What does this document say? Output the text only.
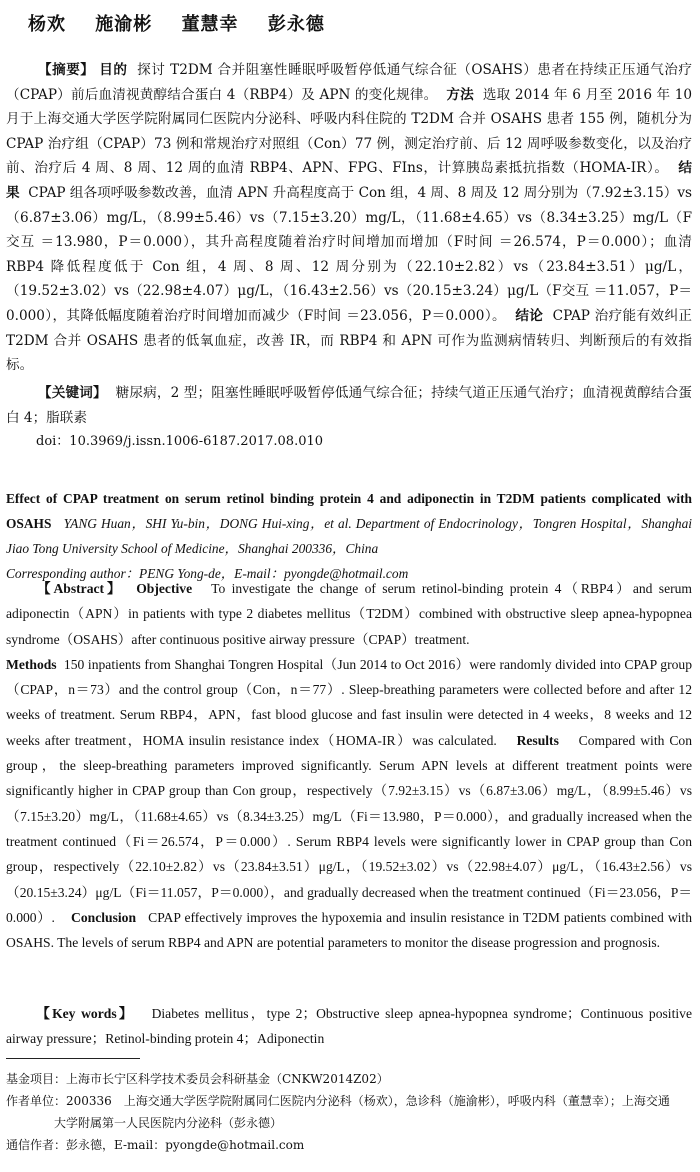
杨欢 施渝彬 董慧幸 彭永德
【摘要】 目的 探讨 T2DM 合并阻塞性睡眠呼吸暂停低通气综合征（OSAHS）患者在持续正压通气治疗（CPAP）前后血清视黄醇结合蛋白 4（RBP4）及 APN 的变化规律。 方法 选取 2014 年 6 月至 2016 年 10 月于上海交通大学医学院附属同仁医院内分泌科、呼吸内科住院的 T2DM 合并 OSAHS 患者 155 例，随机分为 CPAP 治疗组（CPAP）73 例和常规治疗对照组（Con）77 例，测定治疗前、后 12 周呼吸参数变化，以及治疗前、治疗后 4 周、8 周、12 周的血清 RBP4、APN、FPG、FIns，计算胰岛素抵抗指数（HOMA-IR）。 结果 CPAP 组各项呼吸参数改善，血清 APN 升高程度高于 Con 组，4 周、8 周及 12 周分别为（7.92±3.15）vs（6.87±3.06）mg/L，（8.99±5.46）vs（7.15±3.20）mg/L，（11.68±4.65）vs（8.34±3.25）mg/L（F交互 ＝13.980，P＝0.000），其升高程度随着治疗时间增加而增加（F时间 ＝26.574，P＝0.000）；血清 RBP4 降低程度低于 Con 组，4 周、8 周、12 周分别为（22.10±2.82）vs（23.84±3.51）μg/L，（19.52±3.02）vs（22.98±4.07）μg/L，（16.43±2.56）vs（20.15±3.24）μg/L（F交互 ＝11.057，P＝0.000），其降低幅度随着治疗时间增加而减少（F时间 ＝23.056，P＝0.000）。 结论 CPAP 治疗能有效纠正 T2DM 合并 OSAHS 患者的低氧血症，改善 IR，而 RBP4 和 APN 可作为监测病情转归、判断预后的有效指标。
【关键词】 糖尿病，2 型；阻塞性睡眠呼吸暂停低通气综合征；持续气道正压通气治疗；血清视黄醇结合蛋白 4；脂联素
doi：10.3969/j.issn.1006-6187.2017.08.010
Effect of CPAP treatment on serum retinol binding protein 4 and adiponectin in T2DM patients complicated with OSAHS YANG Huan，SHI Yu-bin，DONG Hui-xing，et al. Department of Endocrinology，Tongren Hospital，Shanghai Jiao Tong University School of Medicine，Shanghai 200336，China
Corresponding author：PENG Yong-de，E-mail：pyongde@hotmail.com
【Abstract】 Objective To investigate the change of serum retinol-binding protein 4（RBP4）and serum adiponectin（APN）in patients with type 2 diabetes mellitus（T2DM）combined with obstructive sleep apnea-hypopnea syndrome（OSAHS）after continuous positive airway pressure（CPAP）treatment.
Methods 150 inpatients from Shanghai Tongren Hospital（Jun 2014 to Oct 2016）were randomly divided into CPAP group（CPAP，n＝73）and the control group（Con，n＝77）. Sleep-breathing parameters were collected before and after 12 weeks of treatment. Serum RBP4，APN，fast blood glucose and fast insulin were detected in 4 weeks，8 weeks and 12 weeks after treatment，HOMA insulin resistance index（HOMA-IR）was calculated. Results Compared with Con group，the sleep-breathing parameters improved significantly. Serum APN levels at different treatment points were significantly higher in CPAP group than Con group，respectively（7.92±3.15）vs（6.87±3.06）mg/L，（8.99±5.46）vs（7.15±3.20）mg/L，（11.68±4.65）vs（8.34±3.25）mg/L（Fi＝13.980，P＝0.000），and gradually increased when the treatment continued（Fi＝26.574，P＝0.000）. Serum RBP4 levels were significantly lower in CPAP group than Con group，respectively（22.10±2.82）vs（23.84±3.51）μg/L，（19.52±3.02）vs（22.98±4.07）μg/L，（16.43±2.56）vs（20.15±3.24）μg/L（Fi＝11.057，P＝0.000），and gradually decreased when the treatment continued（Fi＝23.056，P＝0.000）. Conclusion CPAP effectively improves the hypoxemia and insulin resistance in T2DM patients combined with OSAHS. The levels of serum RBP4 and APN are potential parameters to monitor the disease progression and prognosis.
【Key words】 Diabetes mellitus，type 2；Obstructive sleep apnea-hypopnea syndrome；Continuous positive airway pressure；Retinol-binding protein 4；Adiponectin
基金项目：上海市长宁区科学技术委员会科研基金（CNKW2014Z02）
作者单位：200336　上海交通大学医学院附属同仁医院内分泌科（杨欢），急诊科（施渝彬），呼吸内科（董慧幸）；上海交通
大学附属第一人民医院内分泌科（彭永德）
通信作者：彭永德，E-mail：pyongde@hotmail.com
